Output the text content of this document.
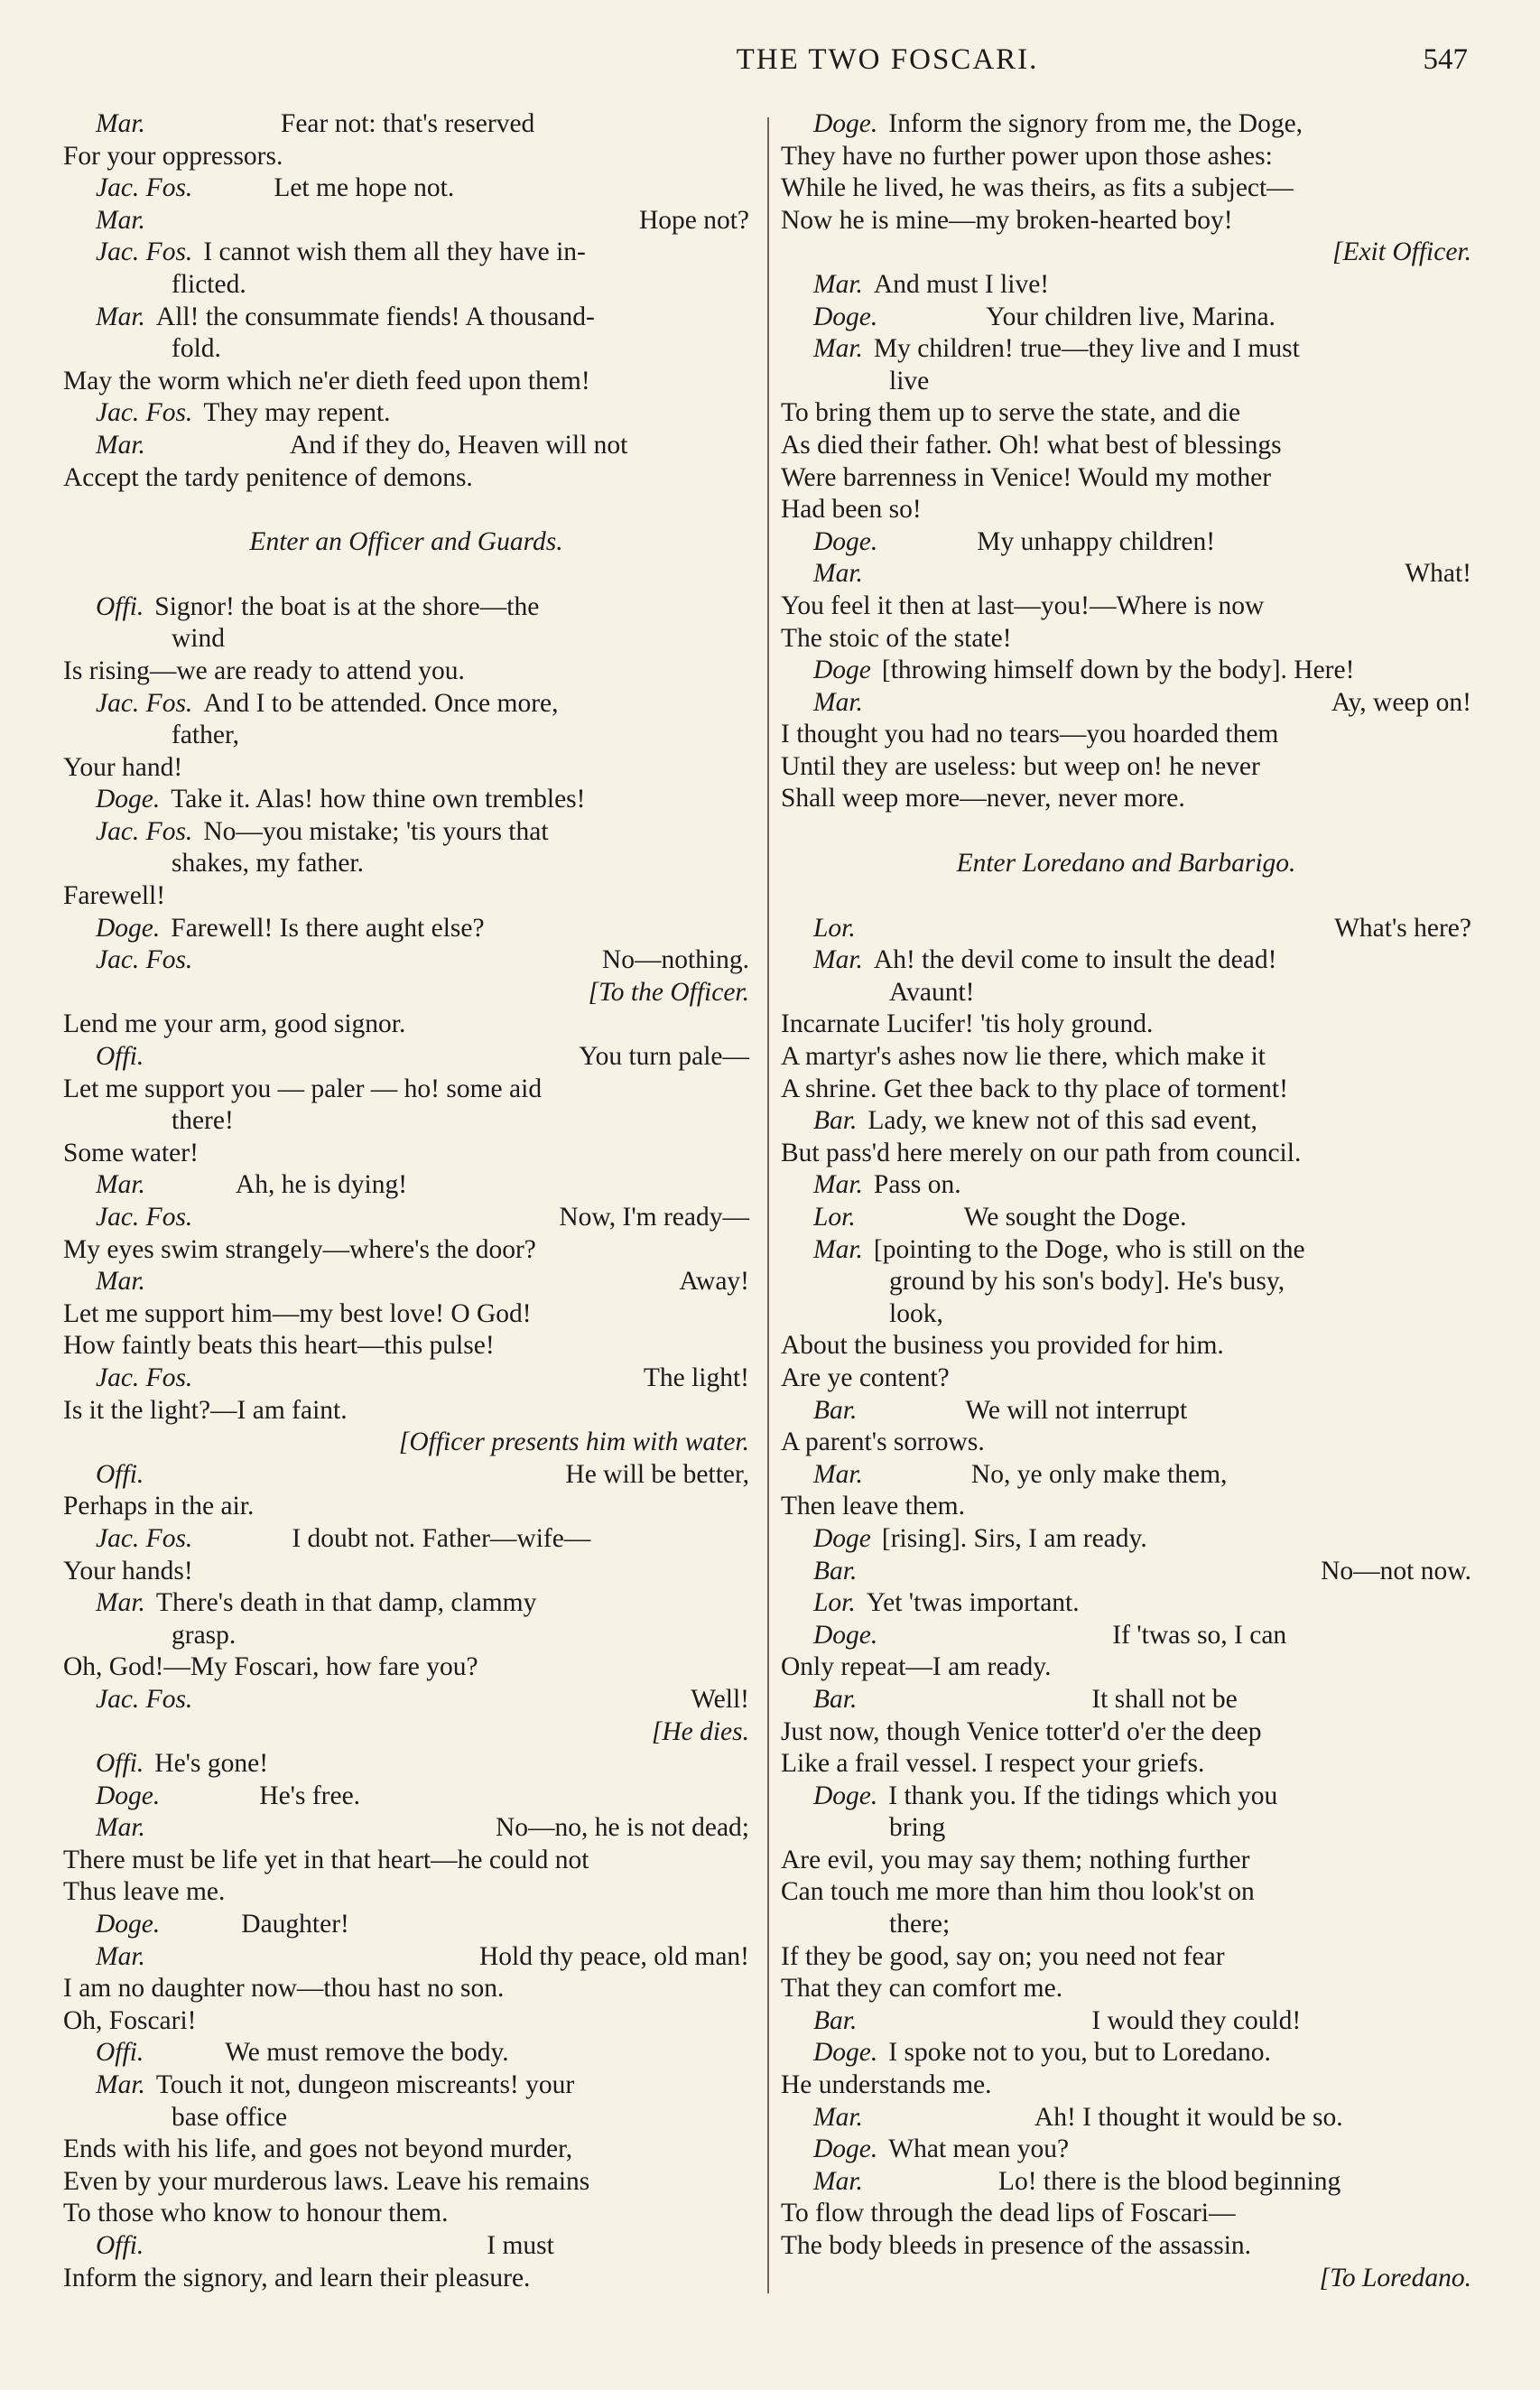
THE TWO FOSCARI.	547
Mar.	Fear not: that's reserved
For your oppressors.
Jac. Fos.	Let me hope not.
Mar.	Hope not?
Jac. Fos. I cannot wish them all they have in-
flicted.
Mar. All! the consummate fiends! A thousand-
fold.
May the worm which ne'er dieth feed upon them!
Jac. Fos. They may repent.
Mar.	And if they do, Heaven will not
Accept the tardy penitence of demons.
Enter an Officer and Guards.
Offi. Signor! the boat is at the shore—the
wind
Is rising—we are ready to attend you.
Jac. Fos. And I to be attended. Once more,
father,
Your hand!
Doge. Take it. Alas! how thine own trembles!
Jac. Fos. No—you mistake; 'tis yours that
shakes, my father.
Farewell!
Doge. Farewell! Is there aught else?
Jac. Fos.	No—nothing.
[To the Officer.
Lend me your arm, good signor.
Offi.	You turn pale—
Let me support you — paler — ho! some aid
there!
Some water!
Mar.	Ah, he is dying!
Jac. Fos.	Now, I'm ready—
My eyes swim strangely—where's the door?
Mar.	Away!
Let me support him—my best love! O God!
How faintly beats this heart—this pulse!
Jac. Fos.	The light!
Is it the light?—I am faint.
[Officer presents him with water.
Offi.	He will be better,
Perhaps in the air.
Jac. Fos.	I doubt not. Father—wife—
Your hands!
Mar. There's death in that damp, clammy
grasp.
Oh, God!—My Foscari, how fare you?
Jac. Fos.	Well!
[He dies.
Offi. He's gone!
Doge.	He's free.
Mar.	No—no, he is not dead;
There must be life yet in that heart—he could not
Thus leave me.
Doge.	Daughter!
Mar.	Hold thy peace, old man!
I am no daughter now—thou hast no son.
Oh, Foscari!
Offi.	We must remove the body.
Mar. Touch it not, dungeon miscreants! your
base office
Ends with his life, and goes not beyond murder,
Even by your murderous laws. Leave his remains
To those who know to honour them.
Offi.	I must
Inform the signory, and learn their pleasure.
Doge. Inform the signory from me, the Doge,
They have no further power upon those ashes:
While he lived, he was theirs, as fits a subject—
Now he is mine—my broken-hearted boy!
[Exit Officer.
Mar. And must I live!
Doge.	Your children live, Marina.
Mar. My children! true—they live and I must
live
To bring them up to serve the state, and die
As died their father. Oh! what best of blessings
Were barrenness in Venice! Would my mother
Had been so!
Doge.	My unhappy children!
Mar.	What!
You feel it then at last—you!—Where is now
The stoic of the state!
Doge [throwing himself down by the body]. Here!
Mar.	Ay, weep on!
I thought you had no tears—you hoarded them
Until they are useless: but weep on! he never
Shall weep more—never, never more.
Enter Loredano and Barbarigo.
Lor.	What's here?
Mar. Ah! the devil come to insult the dead!
Avaunt!
Incarnate Lucifer! 'tis holy ground.
A martyr's ashes now lie there, which make it
A shrine. Get thee back to thy place of torment!
Bar. Lady, we knew not of this sad event,
But pass'd here merely on our path from council.
Mar. Pass on.
Lor.	We sought the Doge.
Mar. [pointing to the Doge, who is still on the
ground by his son's body]. He's busy,
look,
About the business you provided for him.
Are ye content?
Bar.	We will not interrupt
A parent's sorrows.
Mar.	No, ye only make them,
Then leave them.
Doge [rising]. Sirs, I am ready.
Bar.	No—not now.
Lor. Yet 'twas important.
Doge.	If 'twas so, I can
Only repeat—I am ready.
Bar.	It shall not be
Just now, though Venice totter'd o'er the deep
Like a frail vessel. I respect your griefs.
Doge. I thank you. If the tidings which you
bring
Are evil, you may say them; nothing further
Can touch me more than him thou look'st on
there;
If they be good, say on; you need not fear
That they can comfort me.
Bar.	I would they could!
Doge. I spoke not to you, but to Loredano.
He understands me.
Mar.	Ah! I thought it would be so.
Doge. What mean you?
Mar.	Lo! there is the blood beginning
To flow through the dead lips of Foscari—
The body bleeds in presence of the assassin.
[To Loredano.
